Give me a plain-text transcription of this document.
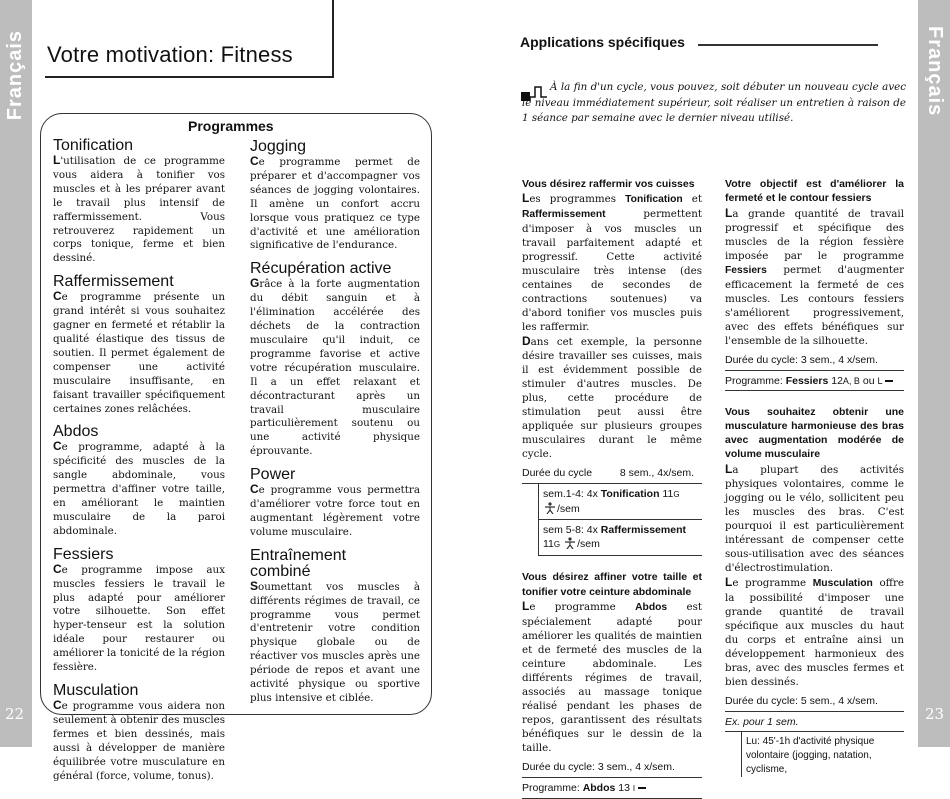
Français
22
Français
23
Votre motivation: Fitness
Programmes
Tonification

L'utilisation de ce programme vous aidera à tonifier vos muscles et à les préparer avant le travail plus intensif de raffermissement. Vous retrouverez rapidement un corps tonique, ferme et bien dessiné.

Raffermissement

Ce programme présente un grand intérêt si vous souhaitez gagner en fermeté et rétablir la qualité élastique des tissus de soutien. Il permet également de compenser une activité musculaire insuffisante, en faisant travailler spécifiquement certaines zones relâchées.

Abdos

Ce programme, adapté à la spécificité des muscles de la sangle abdominale, vous permettra d'affiner votre taille, en améliorant le maintien musculaire de la paroi abdominale.

Fessiers

Ce programme impose aux muscles fessiers le travail le plus adapté pour améliorer votre silhouette. Son effet hyper-tenseur est la solution idéale pour restaurer ou améliorer la tonicité de la région fessière.

Musculation

Ce programme vous aidera non seulement à obtenir des muscles fermes et bien dessinés, mais aussi à développer de manière équilibrée votre musculature en général (force, volume, tonus).

Jogging

Ce programme permet de préparer et d'accompagner vos séances de jogging volontaires. Il amène un confort accru lorsque vous pratiquez ce type d'activité et une amélioration significative de l'endurance.

Récupération active

Grâce à la forte augmentation du débit sanguin et à l'élimination accélérée des déchets de la contraction musculaire qu'il induit, ce programme favorise et active votre récupération musculaire. Il a un effet relaxant et décontracturant après un travail musculaire particulièrement soutenu ou une activité physique éprouvante.

Power

Ce programme vous permettra d'améliorer votre force tout en augmentant légèrement votre volume musculaire.

Entraînement combiné

Soumettant vos muscles à différents régimes de travail, ce programme vous permet d'entretenir votre condition physique globale ou de réactiver vos muscles après une période de repos et avant une activité physique ou sportive plus intensive et ciblée.

Applications spécifiques
À la fin d'un cycle, vous pouvez, soit débuter un nouveau cycle avec le niveau immédiatement supérieur, soit réaliser un entretien à raison de 1 séance par semaine avec le dernier niveau utilisé.
Vous désirez raffermir vos cuisses

Les programmes Tonification et Raffermissement permettent d'imposer à vos muscles un travail parfaitement adapté et progressif. Cette activité musculaire très intense (des centaines de secondes de contractions soutenues) va d'abord tonifier vos muscles puis les raffermir.

Dans cet exemple, la personne désire travailler ses cuisses, mais il est évidemment possible de stimuler d'autres muscles. De plus, cette procédure de stimulation peut aussi être appliquée sur plusieurs groupes musculaires durant le même cycle.

Durée du cycle	8 sem., 4x/sem.
sem.1-4: 4x Tonification 11G
/sem
sem 5-8: 4x Raffermissement
11G /sem
Vous désirez affiner votre taille et tonifier votre ceinture abdominale

Le programme Abdos est spécialement adapté pour améliorer les qualités de maintien et de fermeté des muscles de la ceinture abdominale. Les différents régimes de travail, associés au massage tonique réalisé pendant les phases de repos, garantissent des résultats bénéfiques sur le dessin de la taille.

Durée du cycle: 3 sem., 4 x/sem.
Programme: Abdos 13 I
Votre objectif est d'améliorer la fermeté et le contour fessiers

La grande quantité de travail progressif et spécifique des muscles de la région fessière imposée par le programme Fessiers permet d'augmenter efficacement la fermeté de ces muscles. Les contours fessiers s'améliorent progressivement, avec des effets bénéfiques sur l'ensemble de la silhouette.

Durée du cycle: 3 sem., 4 x/sem.
Programme: Fessiers 12A, B ou L
Vous souhaitez obtenir une musculature harmonieuse des bras avec augmentation modérée de volume musculaire

La plupart des activités physiques volontaires, comme le jogging ou le vélo, sollicitent peu les muscles des bras. C'est pourquoi il est particulièrement intéressant de compenser cette sous-utilisation avec des séances d'électrostimulation.

Le programme Musculation offre la possibilité d'imposer une grande quantité de travail spécifique aux muscles du haut du corps et entraîne ainsi un développement harmonieux des bras, avec des muscles fermes et bien dessinés.

Durée du cycle: 5 sem., 4 x/sem.
Ex. pour 1 sem.
Lu: 45'-1h d'activité physique volontaire (jogging, natation, cyclisme,
